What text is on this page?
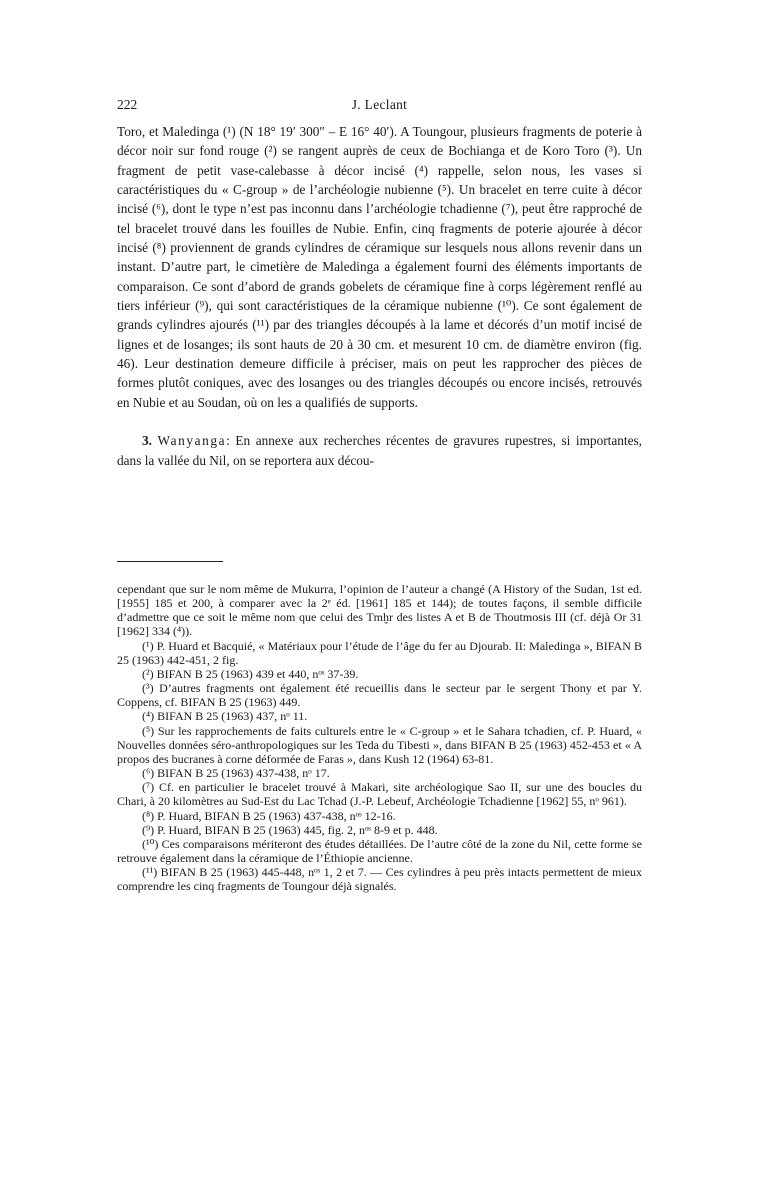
222	J. Leclant

Toro, et Maledinga (¹) (N 18° 19′ 300″ – E 16° 40′). A Toungour, plusieurs fragments de poterie à décor noir sur fond rouge (²) se rangent auprès de ceux de Bochianga et de Koro Toro (³). Un fragment de petit vase-calebasse à décor incisé (⁴) rappelle, selon nous, les vases si caractéristiques du « C-group » de l’archéologie nubienne (⁵). Un bracelet en terre cuite à décor incisé (⁶), dont le type n’est pas inconnu dans l’archéologie tchadienne (⁷), peut être rapproché de tel bracelet trouvé dans les fouilles de Nubie. Enfin, cinq fragments de poterie ajourée à décor incisé (⁸) proviennent de grands cylindres de céramique sur lesquels nous allons revenir dans un instant. D’autre part, le cimetière de Maledinga a également fourni des éléments importants de comparaison. Ce sont d’abord de grands gobelets de céramique fine à corps légèrement renflé au tiers inférieur (⁹), qui sont caractéristiques de la céramique nubienne (¹⁰). Ce sont également de grands cylindres ajourés (¹¹) par des triangles découpés à la lame et décorés d’un motif incisé de lignes et de losanges; ils sont hauts de 20 à 30 cm. et mesurent 10 cm. de diamètre environ (fig. 46). Leur destination demeure difficile à préciser, mais on peut les rapprocher des pièces de formes plutôt coniques, avec des losanges ou des triangles découpés ou encore incisés, retrouvés en Nubie et au Soudan, où on les a qualifiés de supports.

3. Wanyanga: En annexe aux recherches récentes de gravures rupestres, si importantes, dans la vallée du Nil, on se reportera aux décou-

cependant que sur le nom même de Mukurra, l’opinion de l’auteur a changé (A History of the Sudan, 1st ed. [1955] 185 et 200, à comparer avec la 2ᵉ éd. [1961] 185 et 144); de toutes façons, il semble difficile d’admettre que ce soit le même nom que celui des Tmḫr des listes A et B de Thoutmosis III (cf. déjà Or 31 [1962] 334 (⁴)).

(¹) P. Huard et Bacquié, « Matériaux pour l’étude de l’âge du fer au Djourab. II: Maledinga », BIFAN B 25 (1963) 442-451, 2 fig.

(²) BIFAN B 25 (1963) 439 et 440, nᵒˢ 37-39.

(³) D’autres fragments ont également été recueillis dans le secteur par le sergent Thony et par Y. Coppens, cf. BIFAN B 25 (1963) 449.

(⁴) BIFAN B 25 (1963) 437, nᵒ 11.

(⁵) Sur les rapprochements de faits culturels entre le « C-group » et le Sahara tchadien, cf. P. Huard, « Nouvelles données séro-anthropologiques sur les Teda du Tibesti », dans BIFAN B 25 (1963) 452-453 et « A propos des bucranes à corne déformée de Faras », dans Kush 12 (1964) 63-81.

(⁶) BIFAN B 25 (1963) 437-438, nᵒ 17.

(⁷) Cf. en particulier le bracelet trouvé à Makari, site archéologique Sao II, sur une des boucles du Chari, à 20 kilomètres au Sud-Est du Lac Tchad (J.-P. Lebeuf, Archéologie Tchadienne [1962] 55, nᵒ 961).

(⁸) P. Huard, BIFAN B 25 (1963) 437-438, nᵒˢ 12-16.

(⁹) P. Huard, BIFAN B 25 (1963) 445, fig. 2, nᵒˢ 8-9 et p. 448.

(¹⁰) Ces comparaisons mériteront des études détaillées. De l’autre côté de la zone du Nil, cette forme se retrouve également dans la céramique de l’Éthiopie ancienne.

(¹¹) BIFAN B 25 (1963) 445-448, nᵒˢ 1, 2 et 7. — Ces cylindres à peu près intacts permettent de mieux comprendre les cinq fragments de Toungour déjà signalés.
